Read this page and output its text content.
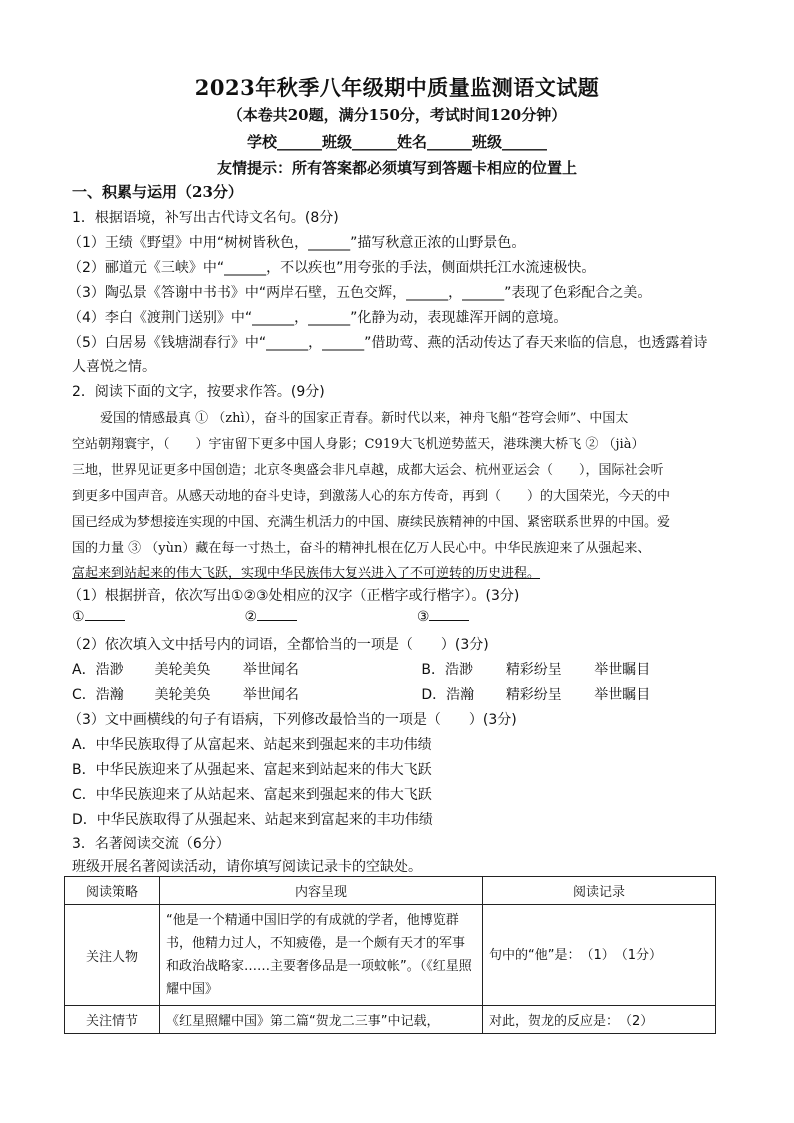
2023年秋季八年级期中质量监测语文试题
（本卷共20题，满分150分，考试时间120分钟）
学校______班级______姓名______班级______
友情提示：所有答案都必须填写到答题卡相应的位置上
一、积累与运用（23分）
1．根据语境，补写出古代诗文名句。(8分)
（1）王绩《野望》中用“树树皆秋色，______”描写秋意正浓的山野景色。
（2）郦道元《三峡》中“______，不以疾也”用夸张的手法，侧面烘托江水流速极快。
（3）陶弘景《答谢中书书》中“两岸石壁，五色交辉，______，______”表现了色彩配合之美。
（4）李白《渡荆门送别》中“______，______”化静为动，表现雄浑开阔的意境。
（5）白居易《钱塘湖春行》中“______，______”借助莺、燕的活动传达了春天来临的信息，也透露着诗
人喜悦之情。
2．阅读下面的文字，按要求作答。(9分)
爱国的情感最真 ① （zhì），奋斗的国家正青春。新时代以来，神舟飞船“苍穹会师”、中国太
空站朝翔寰宇，（　　）宇宙留下更多中国人身影；C919大飞机逆势蓝天，港珠澳大桥飞 ② （jià）
三地，世界见证更多中国创造；北京冬奥盛会非凡卓越，成都大运会、杭州亚运会（　　），国际社会听
到更多中国声音。从感天动地的奋斗史诗，到激荡人心的东方传奇，再到（　　）的大国荣光，今天的中
国已经成为梦想接连实现的中国、充满生机活力的中国、赓续民族精神的中国、紧密联系世界的中国。爱
国的力量 ③ （yùn）藏在每一寸热土，奋斗的精神扎根在亿万人民心中。中华民族迎来了从强起来、
富起来到站起来的伟大飞跃，实现中华民族伟大复兴进入了不可逆转的历史进程。
（1）根据拼音，依次写出①②③处相应的汉字（正楷字或行楷字）。(3分)
①	②	③
（2）依次填入文中括号内的词语，全都恰当的一项是（　　）(3分)
A．浩渺 美轮美奂 举世闻名	B．浩渺 精彩纷呈 举世瞩目
C．浩瀚 美轮美奂 举世闻名	D．浩瀚 精彩纷呈 举世瞩目
（3）文中画横线的句子有语病，下列修改最恰当的一项是（　　）(3分)
A．中华民族取得了从富起来、站起来到强起来的丰功伟绩
B．中华民族迎来了从强起来、富起来到站起来的伟大飞跃
C．中华民族迎来了从站起来、富起来到强起来的伟大飞跃
D．中华民族取得了从强起来、站起来到富起来的丰功伟绩
3．名著阅读交流（6分）
班级开展名著阅读活动，请你填写阅读记录卡的空缺处。
阅读策略	内容呈现	阅读记录
关注人物	“他是一个精通中国旧学的有成就的学者，他博览群书，他精力过人，不知疲倦，是一个颇有天才的军事和政治战略家……主要奢侈品是一项蚊帐”。（《红星照耀中国》	句中的“他”是：　（1）　（1分）
关注情节	《红星照耀中国》第二篇“贺龙二三事”中记载，	对此，贺龙的反应是：　（2）　
